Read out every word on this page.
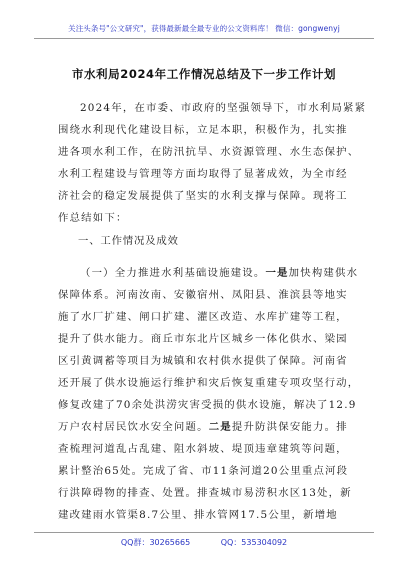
关注头条号"公文研究"，获得最新最全最专业的公文资料库！ 微信：gongwenyj
市水利局2024年工作情况总结及下一步工作计划
2024年，在市委、市政府的坚强领导下，市水利局紧紧
围绕水利现代化建设目标，立足本职，积极作为，扎实推
进各项水利工作，在防汛抗旱、水资源管理、水生态保护、
水利工程建设与管理等方面均取得了显著成效，为全市经
济社会的稳定发展提供了坚实的水利支撑与保障。现将工
作总结如下：
一、工作情况及成效
（一）全力推进水利基础设施建设。一是加快构建供水
保障体系。河南汝南、安徽宿州、凤阳县、淮滨县等地实
施了水厂扩建、闸口扩建、灌区改造、水库扩建等工程，
提升了供水能力。商丘市东北片区城乡一体化供水、梁园
区引黄调蓄等项目为城镇和农村供水提供了保障。河南省
还开展了供水设施运行维护和灾后恢复重建专项攻坚行动，
修复改建了70余处洪涝灾害受损的供水设施，解决了12.9
万户农村居民饮水安全问题。二是提升防洪保安能力。排
查梳理河道乱占乱建、阻水斜坡、堤顶违章建筑等问题，
累计整治65处。完成了省、市11条河道20公里重点河段
行洪障碍物的排查、处置。排查城市易涝积水区13处，新
建改建雨水管渠8.7公里、排水管网17.5公里，新增地
QQ群：30265665	QQ：535304092
